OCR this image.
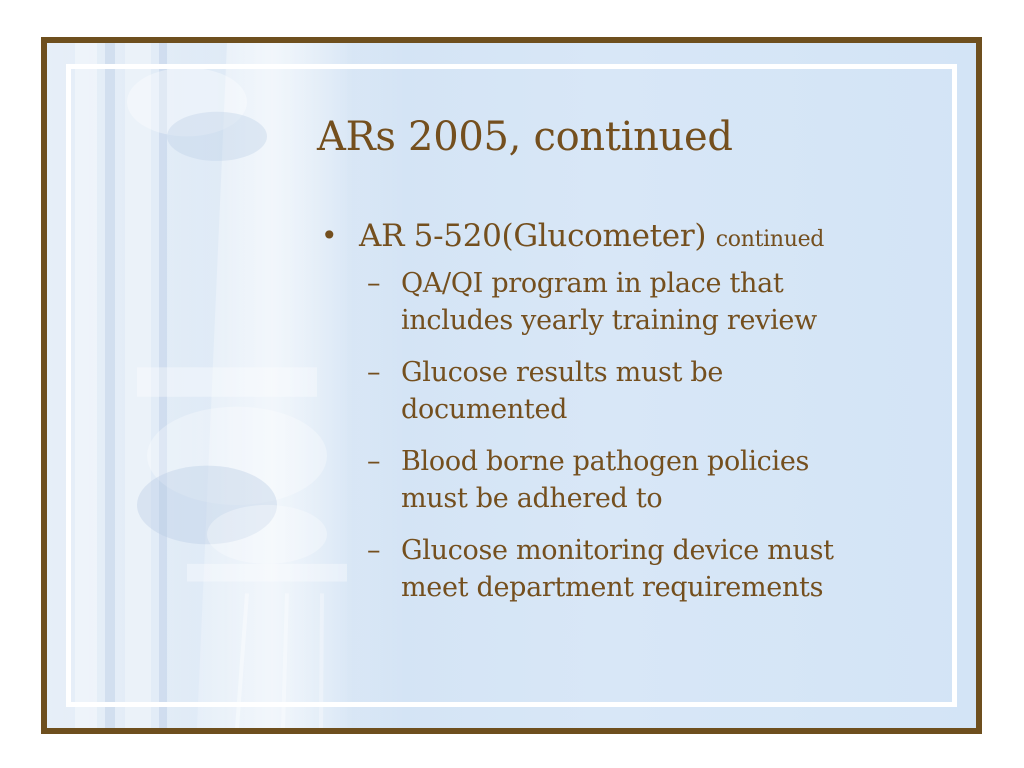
ARs 2005, continued
• AR 5-520(Glucometer) continued
– QA/QI program in place that
includes yearly training review
– Glucose results must be
documented
– Blood borne pathogen policies
must be adhered to
– Glucose monitoring device must
meet department requirements
